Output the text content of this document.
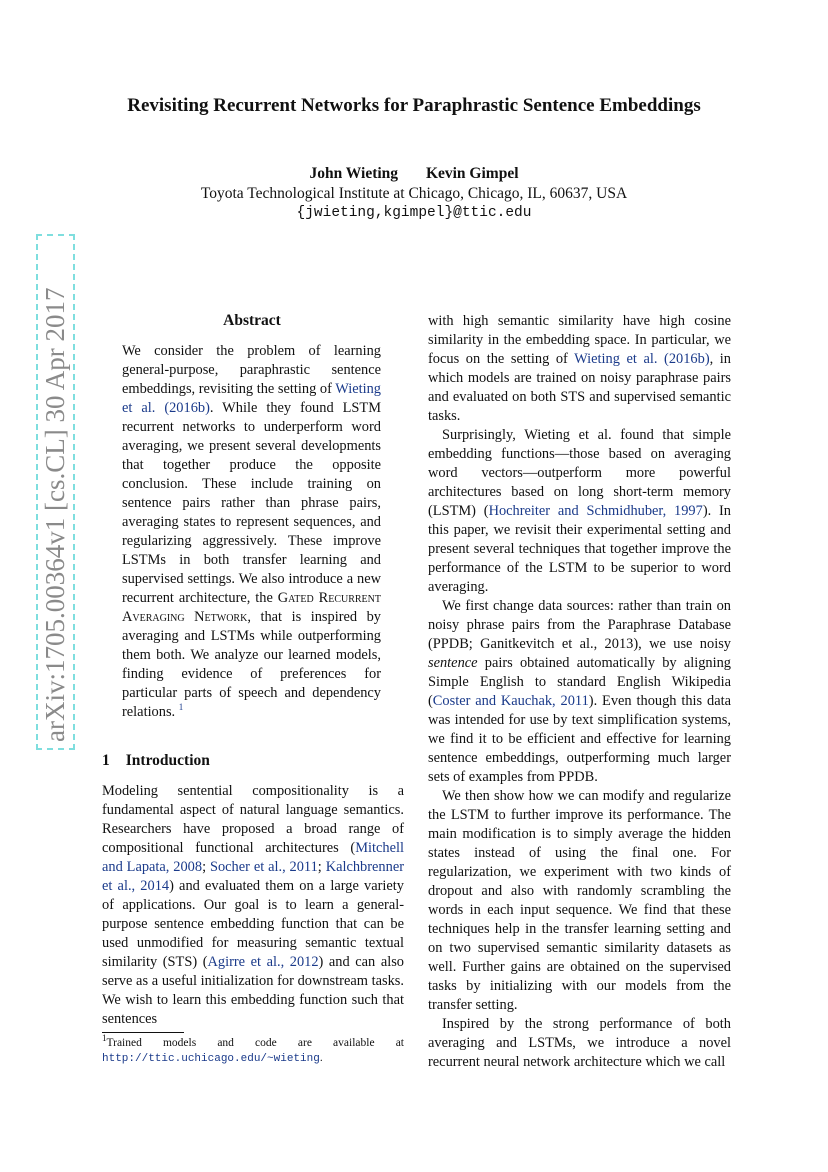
Revisiting Recurrent Networks for Paraphrastic Sentence Embeddings
John Wieting Kevin Gimpel
Toyota Technological Institute at Chicago, Chicago, IL, 60637, USA
{jwieting,kgimpel}@ttic.edu
arXiv:1705.00364v1 [cs.CL] 30 Apr 2017	Abstract

We consider the problem of learning general-purpose, paraphrastic sentence embeddings, revisiting the setting of Wieting et al. (2016b). While they found LSTM recurrent networks to underperform word averaging, we present several developments that together produce the opposite conclusion. These include training on sentence pairs rather than phrase pairs, averaging states to represent sequences, and regularizing aggressively. These improve LSTMs in both transfer learning and supervised settings. We also introduce a new recurrent architecture, the Gated Recurrent Averaging Network, that is inspired by averaging and LSTMs while outperforming them both. We analyze our learned models, finding evidence of preferences for particular parts of speech and dependency relations. $^1$

1 Introduction

Modeling sentential compositionality is a fundamental aspect of natural language semantics. Researchers have proposed a broad range of compositional functional architectures (Mitchell and Lapata, 2008; Socher et al., 2011; Kalchbrenner et al., 2014) and evaluated them on a large variety of applications. Our goal is to learn a general-purpose sentence embedding function that can be used unmodified for measuring semantic textual similarity (STS) (Agirre et al., 2012) and can also serve as a useful initialization for downstream tasks. We wish to learn this embedding function such that sentences

$^1$Trained models and code are available at http://ttic.uchicago.edu/~wieting.

with high semantic similarity have high cosine similarity in the embedding space. In particular, we focus on the setting of Wieting et al. (2016b), in which models are trained on noisy paraphrase pairs and evaluated on both STS and supervised semantic tasks.

Surprisingly, Wieting et al. found that simple embedding functions—those based on averaging word vectors—outperform more powerful architectures based on long short-term memory (LSTM) (Hochreiter and Schmidhuber, 1997). In this paper, we revisit their experimental setting and present several techniques that together improve the performance of the LSTM to be superior to word averaging.

We first change data sources: rather than train on noisy phrase pairs from the Paraphrase Database (PPDB; Ganitkevitch et al., 2013), we use noisy sentence pairs obtained automatically by aligning Simple English to standard English Wikipedia (Coster and Kauchak, 2011). Even though this data was intended for use by text simplification systems, we find it to be efficient and effective for learning sentence embeddings, outperforming much larger sets of examples from PPDB.

We then show how we can modify and regularize the LSTM to further improve its performance. The main modification is to simply average the hidden states instead of using the final one. For regularization, we experiment with two kinds of dropout and also with randomly scrambling the words in each input sequence. We find that these techniques help in the transfer learning setting and on two supervised semantic similarity datasets as well. Further gains are obtained on the supervised tasks by initializing with our models from the transfer setting.

Inspired by the strong performance of both averaging and LSTMs, we introduce a novel recurrent neural network architecture which we call
